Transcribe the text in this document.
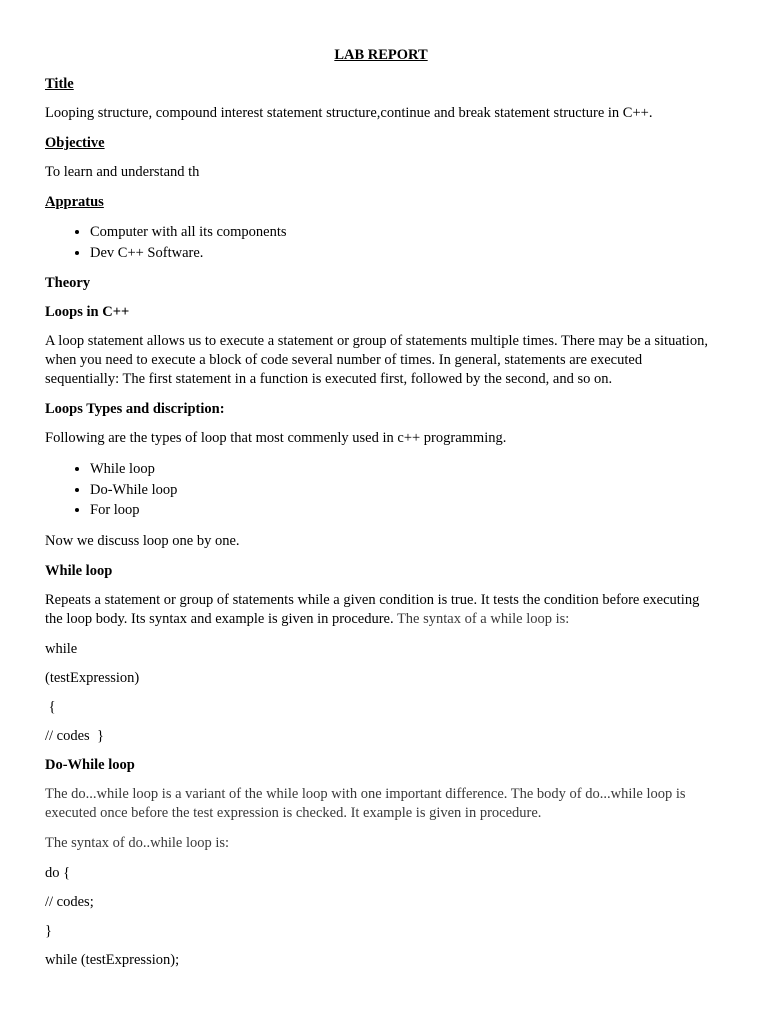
LAB REPORT
Title

Looping structure, compound interest statement structure,continue and break statement structure in C++.

Objective

To learn and understand th

Appratus
• Computer with all its components
• Dev C++ Software.
Theory
Loops in C++

A loop statement allows us to execute a statement or group of statements multiple times. There may be a situation, when you need to execute a block of code several number of times. In general, statements are executed sequentially: The first statement in a function is executed first, followed by the second, and so on.

Loops Types and discription:

Following are the types of loop that most commenly used in c++ programming.

• While loop
• Do-While loop
• For loop

Now we discuss loop one by one.

While loop

Repeats a statement or group of statements while a given condition is true. It tests the condition before executing the loop body. Its syntax and example is given in procedure. The syntax of a while loop is:

while
(testExpression)
{
// codes  }
Do-While loop

The do...while loop is a variant of the while loop with one important difference. The body of do...while loop is executed once before the test expression is checked. It example is given in procedure.

The syntax of do..while loop is:

do {
// codes;
}
while (testExpression);
